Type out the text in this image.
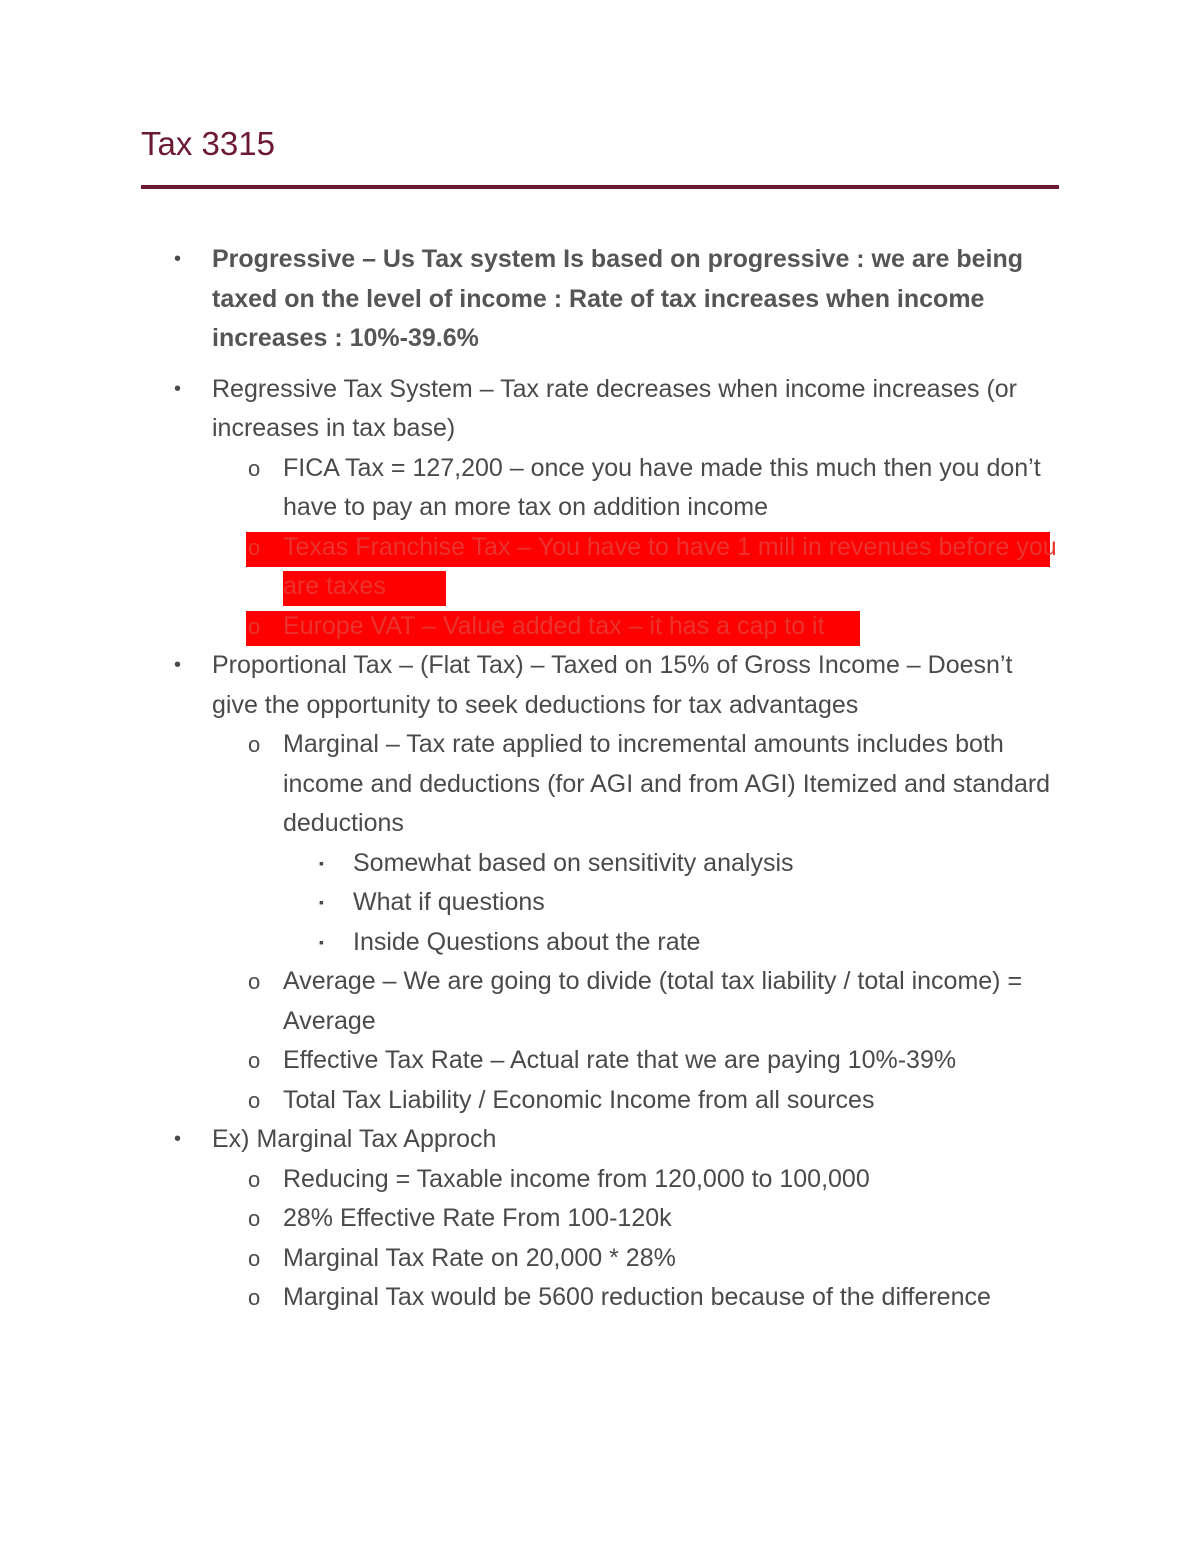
Tax 3315
• Progressive – Us Tax system Is based on progressive : we are being taxed on the level of income : Rate of tax increases when income increases : 10%-39.6%
• Regressive Tax System – Tax rate decreases when income increases (or increases in tax base)
o FICA Tax = 127,200 – once you have made this much then you don’t have to pay an more tax on addition income
o Texas Franchise Tax – You have to have 1 mill in revenues before you are taxes
o Europe VAT – Value added tax – it has a cap to it
• Proportional Tax – (Flat Tax) – Taxed on 15% of Gross Income – Doesn’t give the opportunity to seek deductions for tax advantages
o Marginal – Tax rate applied to incremental amounts includes both income and deductions (for AGI and from AGI) Itemized and standard deductions
▪ Somewhat based on sensitivity analysis
▪ What if questions
▪ Inside Questions about the rate
o Average – We are going to divide (total tax liability / total income) = Average
o Effective Tax Rate – Actual rate that we are paying 10%-39%
o Total Tax Liability / Economic Income from all sources
• Ex) Marginal Tax Approch
o Reducing = Taxable income from 120,000 to 100,000
o 28% Effective Rate From 100-120k
o Marginal Tax Rate on 20,000 * 28%
o Marginal Tax would be 5600 reduction because of the difference
